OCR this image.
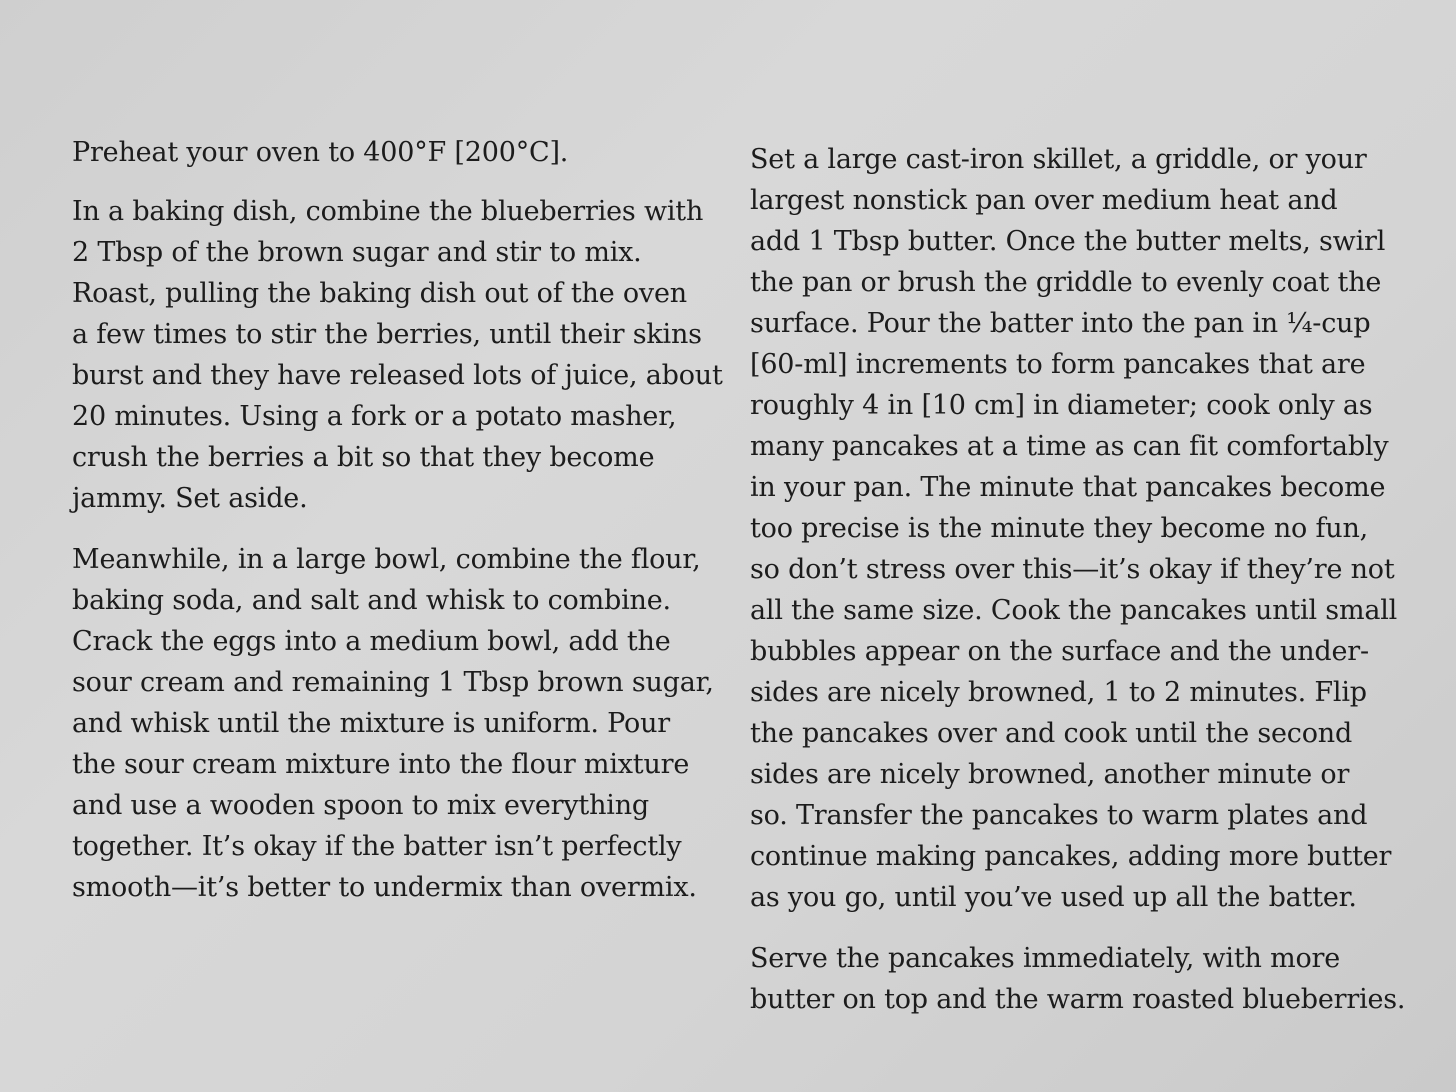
Preheat your oven to 400°F [200°C].
In a baking dish, combine the blueberries with
2 Tbsp of the brown sugar and stir to mix.
Roast, pulling the baking dish out of the oven
a few times to stir the berries, until their skins
burst and they have released lots of juice, about
20 minutes. Using a fork or a potato masher,
crush the berries a bit so that they become
jammy. Set aside.
Meanwhile, in a large bowl, combine the flour,
baking soda, and salt and whisk to combine.
Crack the eggs into a medium bowl, add the
sour cream and remaining 1 Tbsp brown sugar,
and whisk until the mixture is uniform. Pour
the sour cream mixture into the flour mixture
and use a wooden spoon to mix everything
together. It’s okay if the batter isn’t perfectly
smooth—it’s better to undermix than overmix.
Set a large cast-iron skillet, a griddle, or your
largest nonstick pan over medium heat and
add 1 Tbsp butter. Once the butter melts, swirl
the pan or brush the griddle to evenly coat the
surface. Pour the batter into the pan in ¼-cup
[60-ml] increments to form pancakes that are
roughly 4 in [10 cm] in diameter; cook only as
many pancakes at a time as can fit comfortably
in your pan. The minute that pancakes become
too precise is the minute they become no fun,
so don’t stress over this—it’s okay if they’re not
all the same size. Cook the pancakes until small
bubbles appear on the surface and the under-
sides are nicely browned, 1 to 2 minutes. Flip
the pancakes over and cook until the second
sides are nicely browned, another minute or
so. Transfer the pancakes to warm plates and
continue making pancakes, adding more butter
as you go, until you’ve used up all the batter.
Serve the pancakes immediately, with more
butter on top and the warm roasted blueberries.
